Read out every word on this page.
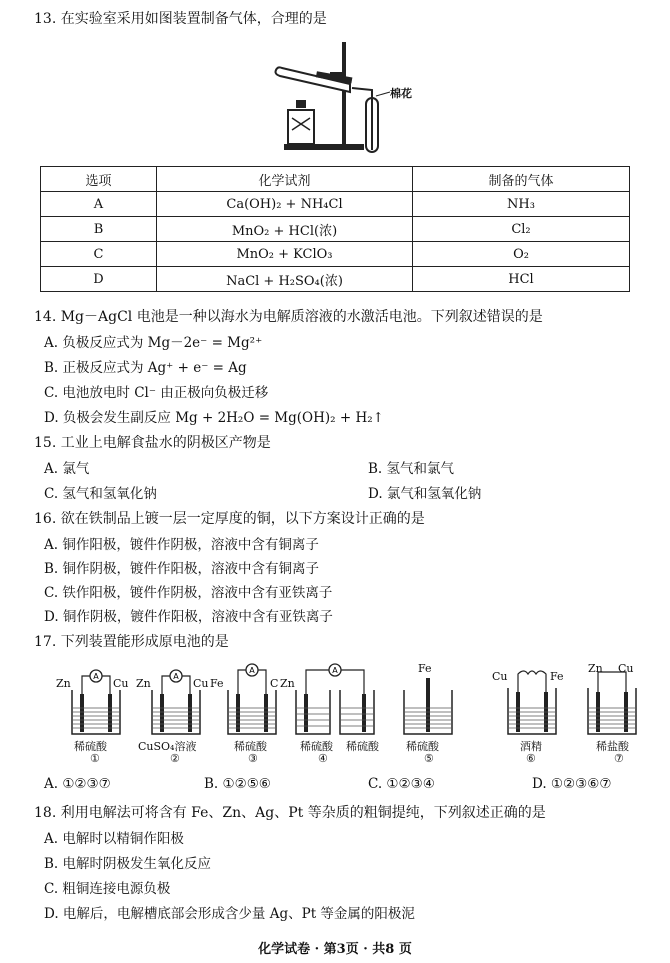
13. 在实验室采用如图装置制备气体，合理的是
棉花
选项	化学试剂	制备的气体
A	Ca(OH)₂ + NH₄Cl	NH₃
B	MnO₂ + HCl(浓)	Cl₂
C	MnO₂ + KClO₃	O₂
D	NaCl + H₂SO₄(浓)	HCl
14. Mg－AgCl 电池是一种以海水为电解质溶液的水激活电池。下列叙述错误的是
A. 负极反应式为 Mg－2e⁻ = Mg²⁺
B. 正极反应式为 Ag⁺ + e⁻ = Ag
C. 电池放电时 Cl⁻ 由正极向负极迁移
D. 负极会发生副反应 Mg + 2H₂O = Mg(OH)₂ + H₂↑
15. 工业上电解食盐水的阴极区产物是
A. 氯气	B. 氢气和氯气
C. 氢气和氢氧化钠	D. 氯气和氢氧化钠
16. 欲在铁制品上镀一层一定厚度的铜，以下方案设计正确的是
A. 铜作阳极，镀件作阴极，溶液中含有铜离子
B. 铜作阴极，镀件作阳极，溶液中含有铜离子
C. 铁作阳极，镀件作阴极，溶液中含有亚铁离子
D. 铜作阴极，镀件作阳极，溶液中含有亚铁离子
17. 下列装置能形成原电池的是
A
Zn	Cu
稀硫酸
①
A
Zn	Cu
CuSO₄溶液
②
A
Fe	C
稀硫酸
③
A
Zn
稀硫酸 稀硫酸
④
Fe
稀硫酸
⑤
Cu	Fe
酒精
⑥
Zn Cu
稀盐酸
⑦
A. ①②③⑦	B. ①②⑤⑥	C. ①②③④	D. ①②③⑥⑦
18. 利用电解法可将含有 Fe、Zn、Ag、Pt 等杂质的粗铜提纯，下列叙述正确的是
A. 电解时以精铜作阳极
B. 电解时阴极发生氧化反应
C. 粗铜连接电源负极
D. 电解后，电解槽底部会形成含少量 Ag、Pt 等金属的阳极泥
化学试卷 · 第3页 · 共8 页
